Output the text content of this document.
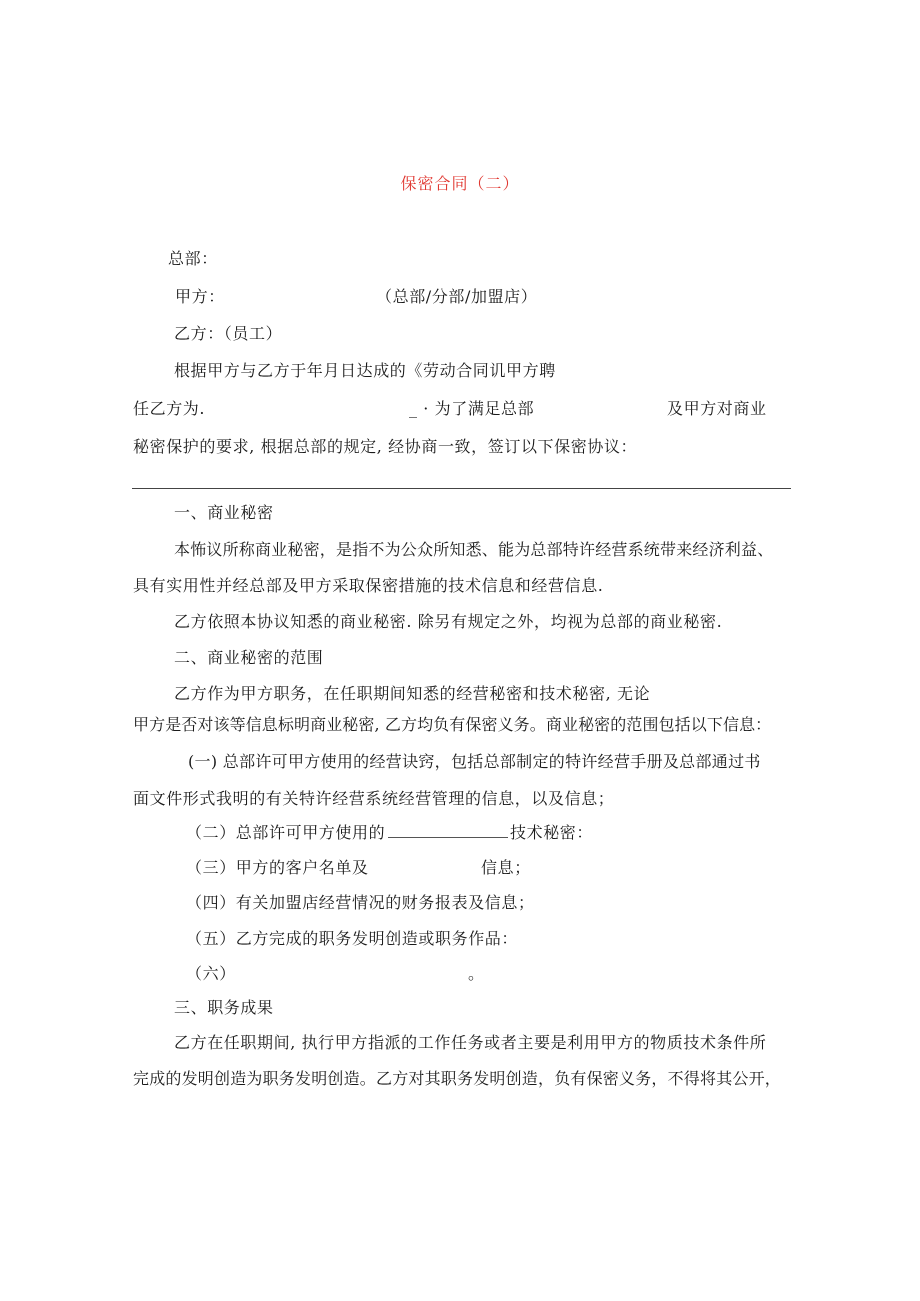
保密合同（二）
总部：
甲方：	（总部/分部/加盟店）
乙方：（员工）
根据甲方与乙方于年月日达成的《劳动合同讥甲方聘
任乙方为.	_ · 为了满足总部	及甲方对商业
秘密保护的要求, 根据总部的规定, 经协商一致，签订以下保密协议：
一、商业秘密
本怖议所称商业秘密，是指不为公众所知悉、能为总部特许经营系统带来经济利益、
具有实用性并经总部及甲方采取保密措施的技术信息和经营信息.
乙方依照本协议知悉的商业秘密. 除另有规定之外，均视为总部的商业秘密.
二、商业秘密的范围
乙方作为甲方职务，在任职期间知悉的经营秘密和技术秘密, 无论
甲方是否对该等信息标明商业秘密, 乙方均负有保密义务。商业秘密的范围包括以下信息：
(一) 总部许可甲方使用的经营诀窍，包括总部制定的特许经营手册及总部通过书
面文件形式我明的有关特许经营系统经营管理的信息，以及信息；
（二）总部许可甲方使用的	技术秘密：
（三）甲方的客户名单及	信息；
（四）有关加盟店经营情况的财务报表及信息；
（五）乙方完成的职务发明创造或职务作品：
（六）	。
三、职务成果
乙方在任职期间, 执行甲方指派的工作任务或者主要是利用甲方的物质技术条件所
完成的发明创造为职务发明创造。乙方对其职务发明创造，负有保密义务，不得将其公开，
